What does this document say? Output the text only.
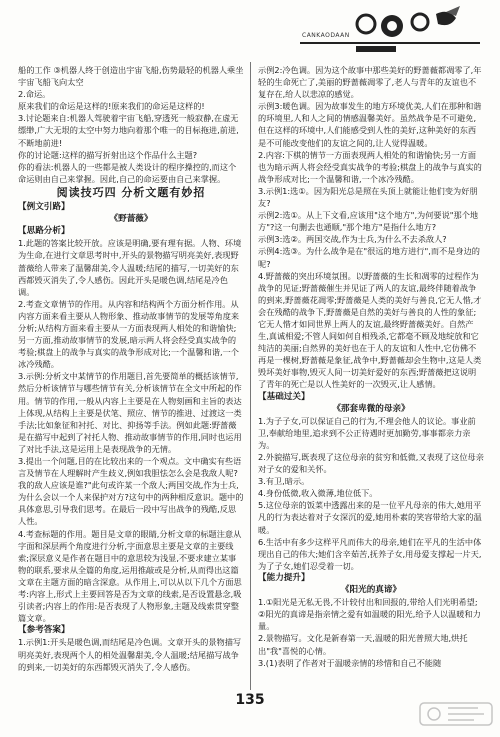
CANKAODAAN

船的工作 ③机器人终于创造出宇宙飞船,伤势最轻的机器人乘坐宇宙飞船飞向太空

2.命运。

原来我们的命运是这样的!原来我们的命运是这样的!

3.讨论题来自:机器人驾驶着宇宙飞船,穿透死一般寂静,在虚无缥缈,广大无垠的太空中努力地向着那个唯一的目标拖进,前进,不断地前进!

你的讨论题:这样的描写折射出这个作品什么主题?

你的看法:机器人的一些都是被人类设计的程序操控的,而这个命运则由自己来掌握。因此,自己的命运要由自己来掌握。

阅读技巧四 分析文题有妙招
【例文引路】
《野蔷薇》
【思路分析】

1.此题的答案比较开放。应该是明确,要有理有据。人物、环境为生命,在进行文章思考时中,开头的景物描写明亮美好,表现野蔷薇给人带来了温馨甜美,令人温暖;结尾的描写,一切美好的东西都毁灭消失了,令人感伤。因此开头是暖色调,结尾是冷色调。

2.考查文章情节的作用。从内容和结构两个方面分析作用。从内容方面来看主要从人物形象、推动故事情节的发展等角度来分析;从结构方面来看主要从一方面表现两人相处的和谐愉快;另一方面,推动故事情节的发展,暗示两人将会经受真实战争的考验;棋盘上的战争与真实的战争形成对比;一个温馨和谐,一个冰冷残酷。

3.示例:分析文中某情节的作用题目,首先要简单的概括该情节,然后分析该情节与哪些情节有关,分析该情节在全文中所起的作用。情节的作用,一般从内容上主要是在人物刻画和主旨的表达上体现,从结构上主要是伏笔、照应、情节的推进、过渡这一类手法;比如象征和衬托、对比、抑扬等手法。例如此题:野蔷薇是在描写中起到了衬托人物、推动故事情节的作用,同时也运用了对比手法,这是运用上是表现战争的无情。

3.提出一个问题,目的在比较出来的一个观点。文中确实有些语言及情节在人理解时产生歧义,例如我胆怯怎么会是我敌人呢?我的敌人应该是谁?"此句或许某一个敌人;两国交战,作为士兵,为什么会以一个人来保护对方?这句中的两种相反意识。题中的具体意思,引导我们思考。在最后一段中写出战争的残酷,反思人性。

4.考查标题的作用。题目是文章的眼睛,分析文章的标题注意从字面和深层两个角度进行分析,字面意思主要是文章的主要线索;深层意义是作者在题目中的意思较为浅显,不要求建立某事物的联系,要求从全篇的角度,运用推敲或是分析,从而得出这篇文章在主题方面的暗含深意。从作用上,可以从以下几个方面思考:内容上,形式上主要回答是否为文章的线索,是否设置悬念,吸引读者;内容上的作用:是否表现了人物形象,主题及线索贯穿整篇文章。

【参考答案】

1.示例1:开头是暖色调,而结尾是冷色调。文章开头的景物描写明亮美好,表现两个人的相处温馨甜美,令人温暖;结尾描写战争的到来,一切美好的东西都毁灭消失了,令人感伤。

示例2:冷色调。因为这个故事中那些美好的野蔷薇都凋零了,年轻的生命死亡了,美丽的野蔷薇凋零了,老人与青年的友谊也不复存在,给人以悲凉的感觉。

示例3:暖色调。因为故事发生的地方环境优美,人们在那种和谐的环境里,人和人之间的情感温馨美好。虽然战争是不可避免,但在这样的环境中,人们能感受到人性的美好,这种美好的东西是不可能改变他们的友谊之间的,让人觉得温暖。

2.内容:下棋的情节一方面表现两人相处的和谐愉快;另一方面也为暗示两人将会经受真实战争的考验;棋盘上的战争与真实的战争形成对比;一个温馨和谐,一个冰冷残酷。

3.示例1:选①。因为阳光总是照在头顶上就能让他们变为好朋友?

示例2:选①。从上下文看,应该用"这个地方",为何要说"那个地方"?这一句删去也通顺,"那个地方"是指什么地方?

示例3:选②。两国交战,作为士兵,为什么不去杀敌人?

示例4:选③。为什么战争是在"很远的地方进行",而不是身边的呢?

4.野蔷薇的突出环境氛围。以野蔷薇的生长和凋零的过程作为战争的见证;野蔷薇催生并见证了两人的友谊,最终伴随着战争的到来,野蔷薇花凋零;野蔷薇是人类的美好与善良,它无人惜,才会在残酷的战争下,野蔷薇是自然的美好与善良的人性的象征;它无人惜才如同世界上两人的友谊,最终野蔷薇美好。自然产生,真诚相爱;不管人间如何自相残杀,它都毫不顾及地绽放和它纯洁的美丽;自然界的美好也在于人的友谊和人性中,它仿佛不再是一棵树,野蔷薇是象征,战争中,野蔷薇却会生物中,这是人类毁坏美好事物,毁灭人间一切美好爱好的东西;野蔷薇把这说明了青年的死亡是以人性美好的一次毁灭,让人感情。

【基础过关】
《那套卑微的母亲》

1.为子子女,可以保证自己的行为,不理会他人的议论。事业前卫,奉献给地里,追求到不公正待遇时更加勤劳,事事都亲力亲为。

2.外貌描写,既表现了这位母亲的贫穷和低微,又表现了这位母亲对子女的爱和关怀。

3.有卫,暗示。

4.身份低微,收入微薄,地位低下。

5.这位母亲的饭菜中透露出来的是一位平凡母亲的伟大,她用平凡的行为表达着对子女深沉的爱,她用朴素的笑容带给大家的温暖。

6.生活中有多少这样平凡而伟大的母亲,她们在平凡的生活中体现出自己的伟大;她们含辛茹苦,抚养子女,用母爱支撑起一片天,为了子女,她们忍受着一切。

【能力提升】
《阳光的真谛》

1.①阳光是无私无畏,不计较付出和回报的,带给人们光明希望;②阳光的真谛是指亲情之爱有如温暖的阳光,给予人以温暖和力量。

2.景物描写。文化是新春第一天,温暖的阳光普照大地,烘托出"我"喜悦的心情。

3.(1)表明了作者对于温暖亲情的珍惜和自己不能随

135
